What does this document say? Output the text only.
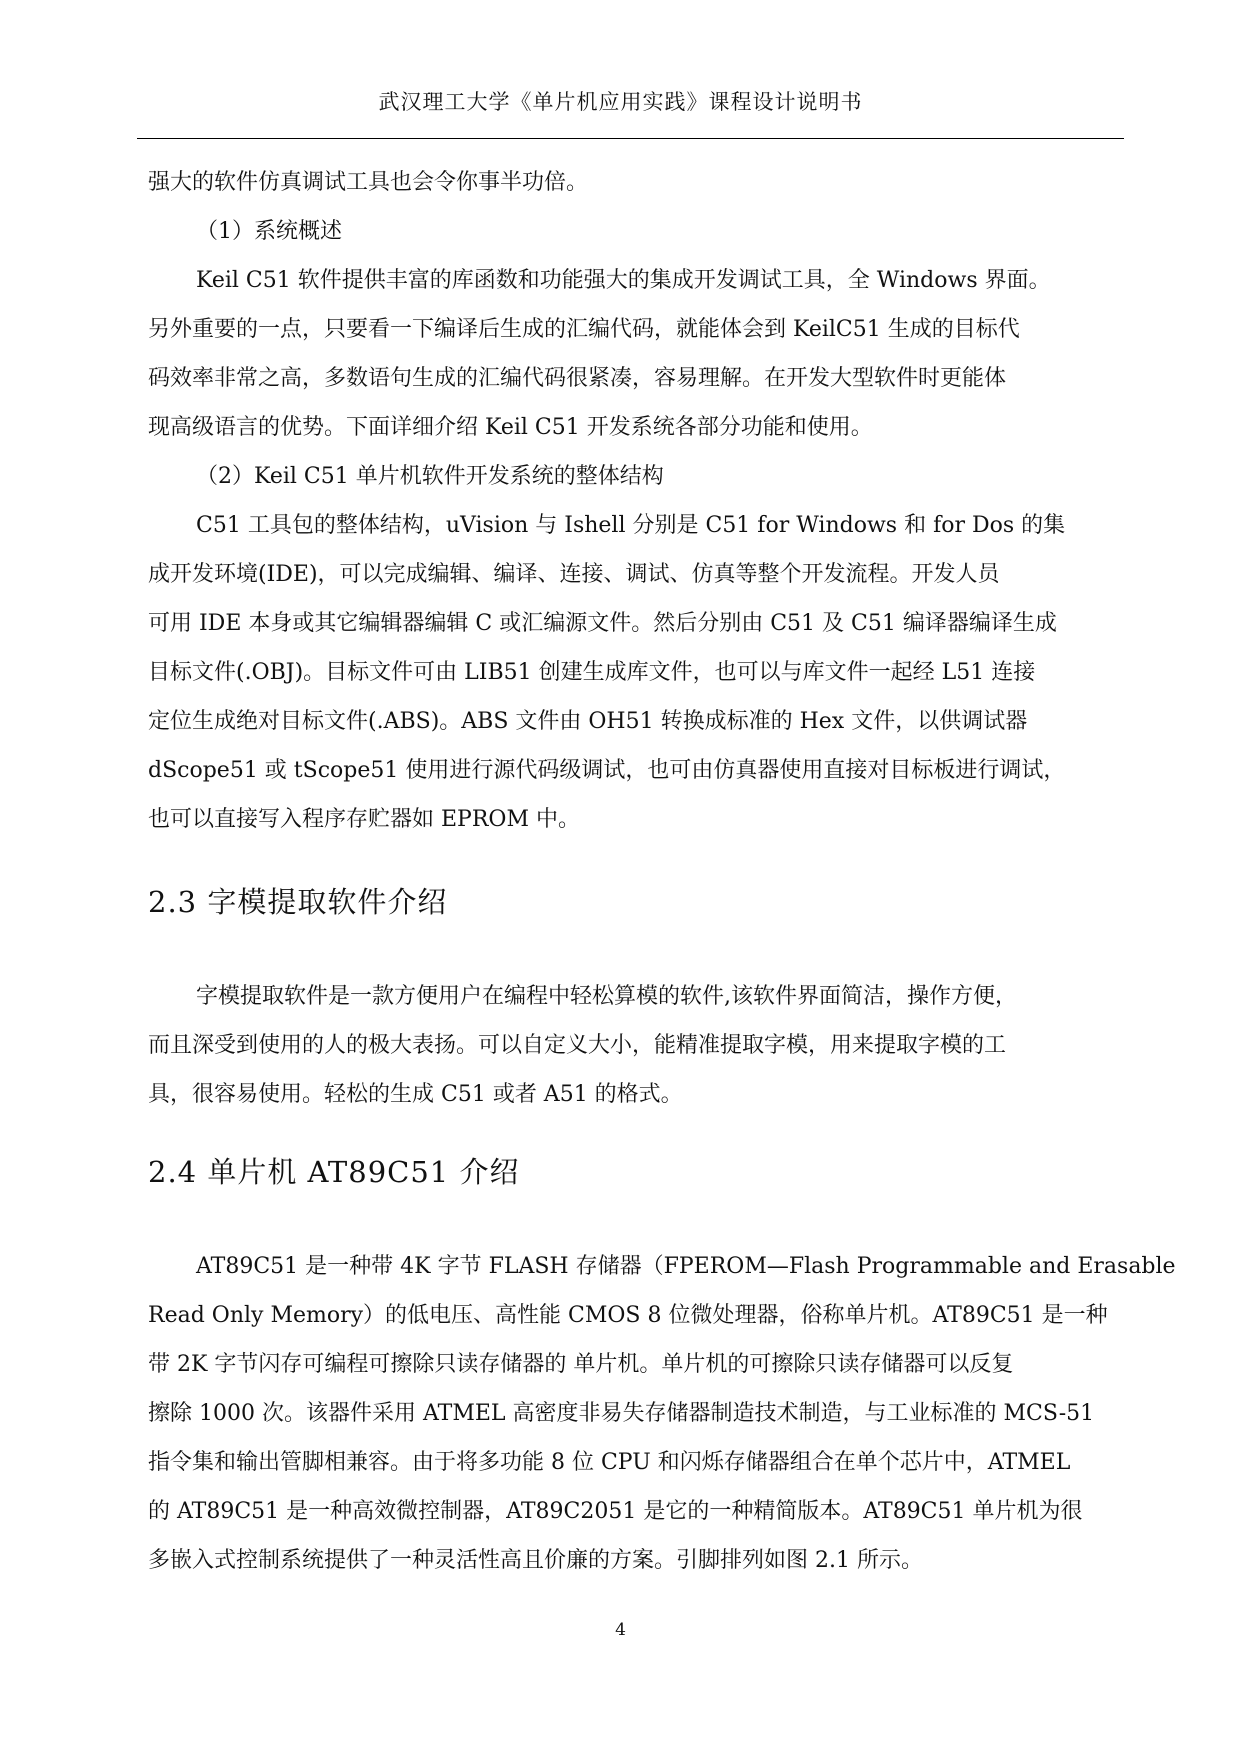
武汉理工大学《单片机应用实践》课程设计说明书
强大的软件仿真调试工具也会令你事半功倍。
（1）系统概述
Keil C51 软件提供丰富的库函数和功能强大的集成开发调试工具，全 Windows 界面。
另外重要的一点，只要看一下编译后生成的汇编代码，就能体会到 KeilC51 生成的目标代
码效率非常之高，多数语句生成的汇编代码很紧凑，容易理解。在开发大型软件时更能体
现高级语言的优势。下面详细介绍 Keil C51 开发系统各部分功能和使用。
（2）Keil C51 单片机软件开发系统的整体结构
C51 工具包的整体结构，uVision 与 Ishell 分别是 C51 for Windows 和 for Dos 的集
成开发环境(IDE)，可以完成编辑、编译、连接、调试、仿真等整个开发流程。开发人员
可用 IDE 本身或其它编辑器编辑 C 或汇编源文件。然后分别由 C51 及 C51 编译器编译生成
目标文件(.OBJ)。目标文件可由 LIB51 创建生成库文件，也可以与库文件一起经 L51 连接
定位生成绝对目标文件(.ABS)。ABS 文件由 OH51 转换成标准的 Hex 文件，以供调试器
dScope51 或 tScope51 使用进行源代码级调试，也可由仿真器使用直接对目标板进行调试，
也可以直接写入程序存贮器如 EPROM 中。
2.3 字模提取软件介绍
字模提取软件是一款方便用户在编程中轻松算模的软件,该软件界面简洁，操作方便，
而且深受到使用的人的极大表扬。可以自定义大小，能精准提取字模，用来提取字模的工
具，很容易使用。轻松的生成 C51 或者 A51 的格式。
2.4 单片机 AT89C51 介绍
AT89C51 是一种带 4K 字节 FLASH 存储器（FPEROM—Flash Programmable and Erasable
Read Only Memory）的低电压、高性能 CMOS 8 位微处理器，俗称单片机。AT89C51 是一种
带 2K 字节闪存可编程可擦除只读存储器的 单片机。单片机的可擦除只读存储器可以反复
擦除 1000 次。该器件采用 ATMEL 高密度非易失存储器制造技术制造，与工业标准的 MCS-51
指令集和输出管脚相兼容。由于将多功能 8 位 CPU 和闪烁存储器组合在单个芯片中，ATMEL
的 AT89C51 是一种高效微控制器，AT89C2051 是它的一种精简版本。AT89C51 单片机为很
多嵌入式控制系统提供了一种灵活性高且价廉的方案。引脚排列如图 2.1 所示。
4
